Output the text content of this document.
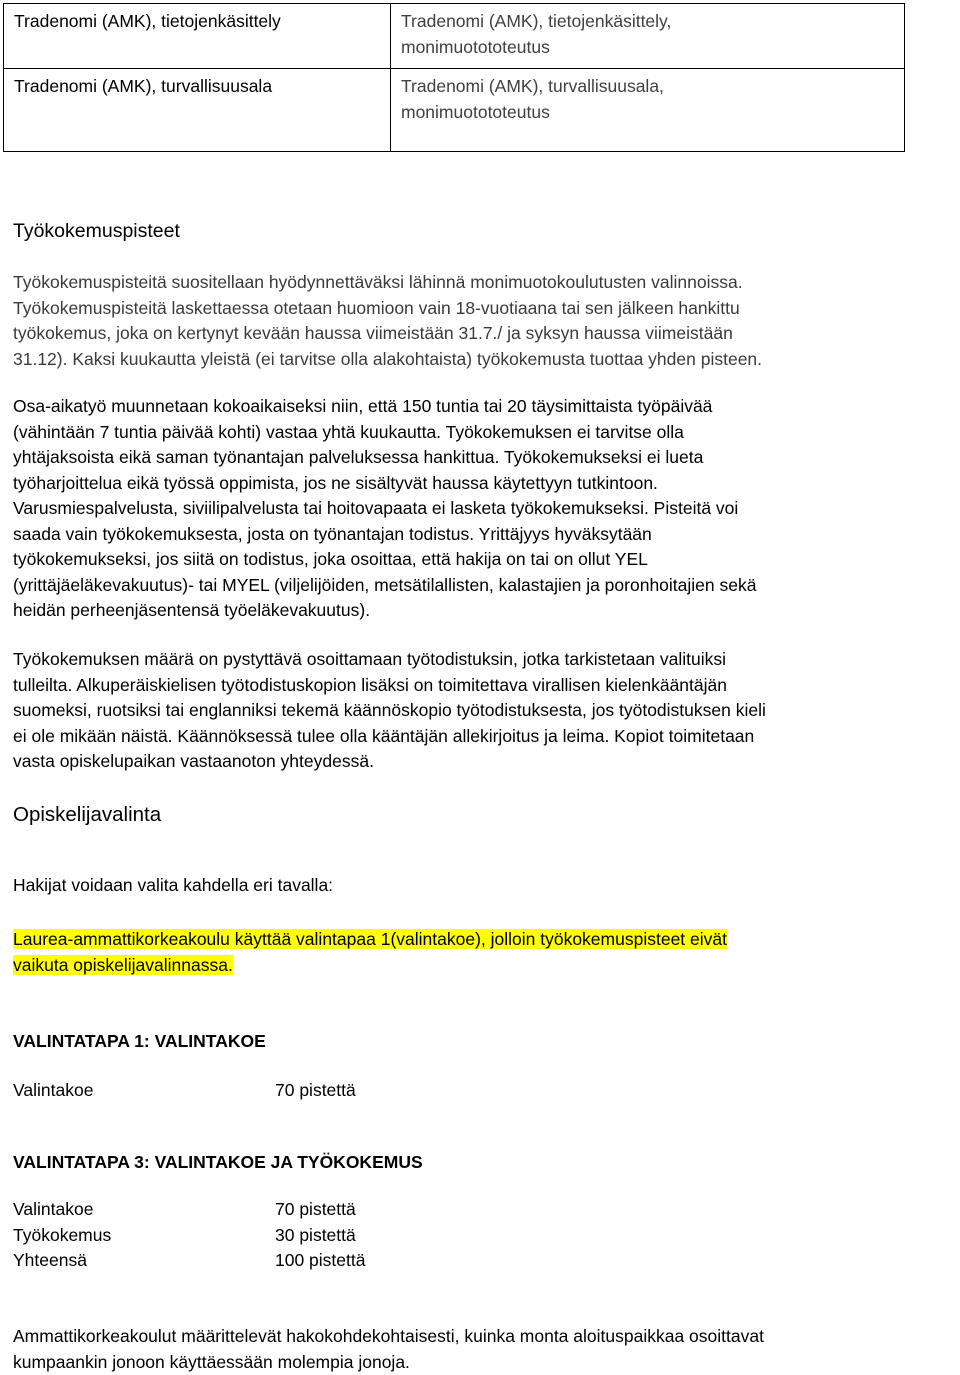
Tradenomi (AMK), tietojenkäsittely	Tradenomi (AMK), tietojenkäsittely,
monimuotototeutus

Tradenomi (AMK), turvallisuusala	Tradenomi (AMK), turvallisuusala,
monimuotototeutus
Työkokemuspisteet
Työkokemuspisteitä suositellaan hyödynnettäväksi lähinnä monimuotokoulutusten valinnoissa.
Työkokemuspisteitä laskettaessa otetaan huomioon vain 18-vuotiaana tai sen jälkeen hankittu
työkokemus, joka on kertynyt kevään haussa viimeistään 31.7./ ja syksyn haussa viimeistään
31.12). Kaksi kuukautta yleistä (ei tarvitse olla alakohtaista) työkokemusta tuottaa yhden pisteen.
Osa-aikatyö muunnetaan kokoaikaiseksi niin, että 150 tuntia tai 20 täysimittaista työpäivää
(vähintään 7 tuntia päivää kohti) vastaa yhtä kuukautta. Työkokemuksen ei tarvitse olla
yhtäjaksoista eikä saman työnantajan palveluksessa hankittua. Työkokemukseksi ei lueta
työharjoittelua eikä työssä oppimista, jos ne sisältyvät haussa käytettyyn tutkintoon.
Varusmiespalvelusta, siviilipalvelusta tai hoitovapaata ei lasketa työkokemukseksi. Pisteitä voi
saada vain työkokemuksesta, josta on työnantajan todistus. Yrittäjyys hyväksytään
työkokemukseksi, jos siitä on todistus, joka osoittaa, että hakija on tai on ollut YEL
(yrittäjäeläkevakuutus)- tai MYEL (viljelijöiden, metsätilallisten, kalastajien ja poronhoitajien sekä
heidän perheenjäsentensä työeläkevakuutus).
Työkokemuksen määrä on pystyttävä osoittamaan työtodistuksin, jotka tarkistetaan valituiksi
tulleilta. Alkuperäiskielisen työtodistuskopion lisäksi on toimitettava virallisen kielenkääntäjän
suomeksi, ruotsiksi tai englanniksi tekemä käännöskopio työtodistuksesta, jos työtodistuksen kieli
ei ole mikään näistä. Käännöksessä tulee olla kääntäjän allekirjoitus ja leima. Kopiot toimitetaan
vasta opiskelupaikan vastaanoton yhteydessä.
Opiskelijavalinta
Hakijat voidaan valita kahdella eri tavalla:
Laurea-ammattikorkeakoulu käyttää valintapaa 1(valintakoe), jolloin työkokemuspisteet eivät
vaikuta opiskelijavalinnassa.
VALINTATAPA 1: VALINTAKOE
Valintakoe	70 pistettä
VALINTATAPA 3: VALINTAKOE JA TYÖKOKEMUS
Valintakoe	70 pistettä
Työkokemus	30 pistettä
Yhteensä	100 pistettä
Ammattikorkeakoulut määrittelevät hakokohdekohtaisesti, kuinka monta aloituspaikkaa osoittavat
kumpaankin jonoon käyttäessään molempia jonoja.
